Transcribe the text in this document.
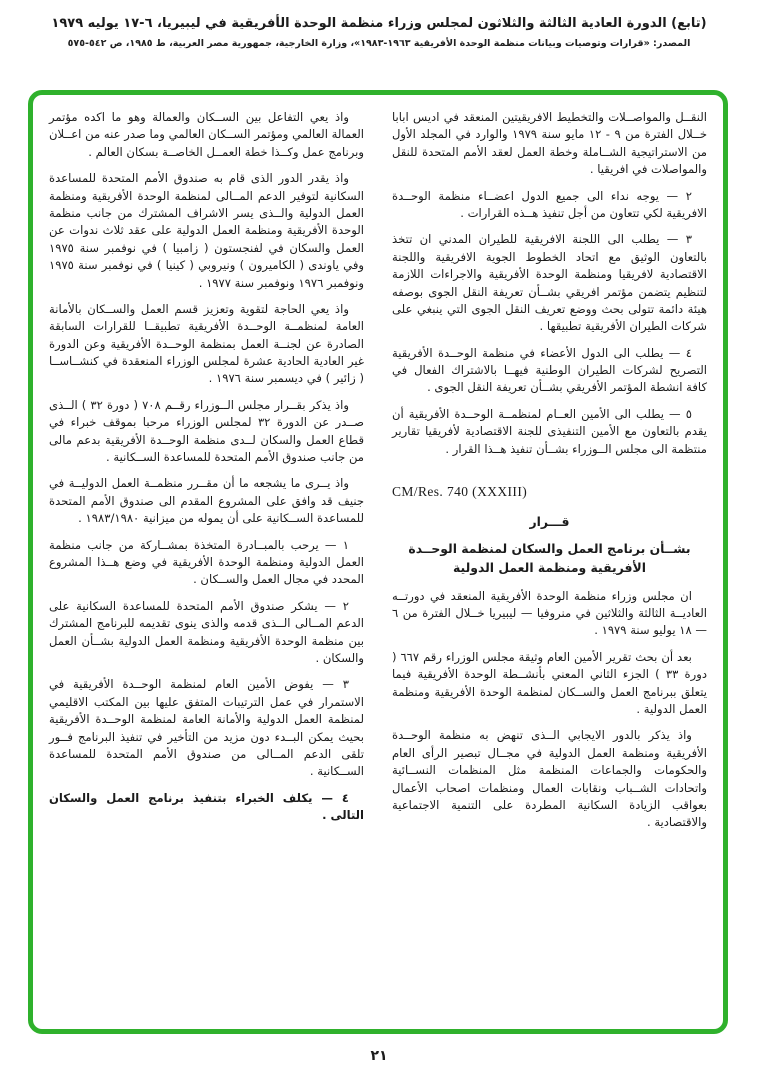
(تابع) الدورة العادية الثالثة والثلاثون لمجلس وزراء منظمة الوحدة الأفريقية في ليبيريا، ٦-١٧ يوليه ١٩٧٩
المصدر: «قرارات وتوصيات وبيانات منظمة الوحدة الأفريقية ١٩٦٣-١٩٨٣»، وزارة الخارجية، جمهورية مصر العربية، ط ١٩٨٥، ص ٥٤٢-٥٧٥

النقــل والمواصــلات والتخطيط الافريقيتين المنعقد في اديس ابابا خــلال الفترة من ٩ - ١٢ مايو سنة ١٩٧٩ والوارد في المجلد الأول من الاستراتيجية الشــاملة وخطة العمل لعقد الأمم المتحدة للنقل والمواصلات في افريقيا .

٢ — يوجه نداء الى جميع الدول اعضــاء منظمة الوحــدة الافريقية لكي تتعاون من أجل تنفيذ هــذه القرارات .

٣ — يطلب الى اللجنة الافريقية للطيران المدني ان تتخذ بالتعاون الوثيق مع اتحاد الخطوط الجوية الافريقية واللجنة الاقتصادية لافريقيا ومنظمة الوحدة الأفريقية والاجراءات اللازمة لتنظيم يتضمن مؤتمر افريقي بشــأن تعريفة النقل الجوى بوصفه هيئة دائمة تتولى بحث ووضع تعريف النقل الجوى التي ينبغي على شركات الطيران الأفريقية تطبيقها .

٤ — يطلب الى الدول الأعضاء في منظمة الوحــدة الأفريقية التصريح لشركات الطيران الوطنية فيهــا بالاشتراك الفعال في كافة انشطة المؤتمر الأفريقي بشــأن تعريفة النقل الجوى .

٥ — يطلب الى الأمين العــام لمنظمــة الوحــدة الأفريقية أن يقدم بالتعاون مع الأمين التنفيذى للجنة الاقتصادية لأفريقيا تقارير منتظمة الى مجلس الــوزراء بشــأن تنفيذ هــذا القرار .

CM/Res. 740 (XXXIII)

قـــرار

بشــأن برنامج العمل والسكان لمنظمة الوحــدة الأفريقية ومنظمة العمل الدولية

ان مجلس وزراء منظمة الوحدة الأفريقية المنعقد في دورتــه العاديــة الثالثة والثلاثين في منروفيا — ليبيريا خــلال الفترة من ٦ — ١٨ يوليو سنة ١٩٧٩ .

بعد أن بحث تقرير الأمين العام وثيقة مجلس الوزراء رقم ٦٦٧ ( دورة ٣٣ ) الجزء الثاني المعني بأنشــطة الوحدة الأفريقية فيما يتعلق ببرنامج العمل والســكان لمنظمة الوحدة الأفريقية ومنظمة العمل الدولية .

واذ يذكر بالدور الايجابي الــذى تنهض به منظمة الوحــدة الأفريقية ومنظمة العمل الدولية في مجــال تبصير الرأى العام والحكومات والجماعات المنظمة مثل المنظمات النســائية واتحادات الشــباب ونقابات العمال ومنظمات اصحاب الأعمال بعواقب الزيادة السكانية المطردة على التنمية الاجتماعية والاقتصادية .

واذ يعي التفاعل بين الســكان والعمالة وهو ما اكده مؤتمر العمالة العالمي ومؤتمر الســكان العالمي وما صدر عنه من اعــلان وبرنامج عمل وكــذا خطة العمــل الخاصــة بسكان العالم .

واذ يقدر الدور الذى قام به صندوق الأمم المتحدة للمساعدة السكانية لتوفير الدعم المــالى لمنظمة الوحدة الأفريقية ومنظمة العمل الدولية والــذى يسر الاشراف المشترك من جانب منظمة الوحدة الأفريقية ومنظمة العمل الدولية على عقد ثلاث ندوات عن العمل والسكان في لفنجستون ( زامبيا ) في نوفمبر سنة ١٩٧٥ وفي ياوندى ( الكاميرون ) ونيروبي ( كينيا ) في نوفمبر سنة ١٩٧٥ ونوفمبر ١٩٧٦ ونوفمبر سنة ١٩٧٧ .

واذ يعي الحاجة لتقوية وتعزيز قسم العمل والســكان بالأمانة العامة لمنظمــة الوحــدة الأفريقية تطبيقــا للقرارات السابقة الصادرة عن لجنــة العمل بمنظمة الوحــدة الأفريقية وعن الدورة غير العادية الحادية عشرة لمجلس الوزراء المنعقدة في كنشــاســا ( زائير ) في ديسمبر سنة ١٩٧٦ .

واذ يذكر بقــرار مجلس الــوزراء رقــم ٧٠٨ ( دورة ٣٢ ) الــذى صــدر عن الدورة ٣٢ لمجلس الوزراء مرحبا بموقف خبراء في قطاع العمل والسكان لــدى منظمة الوحــدة الأفريقية بدعم مالى من جانب صندوق الأمم المتحدة للمساعدة الســكانية .

واذ يــرى ما يشجعه ما أن مقــرر منظمــة العمل الدوليــة في جنيف قد وافق على المشروع المقدم الى صندوق الأمم المتحدة للمساعدة الســكانية على أن يموله من ميزانية ١٩٨٣/١٩٨٠ .

١ — يرحب بالمبــادرة المتخذة بمشــاركة من جانب منظمة العمل الدولية ومنظمة الوحدة الأفريقية في وضع هــذا المشروع المحدد في مجال العمل والســكان .

٢ — يشكر صندوق الأمم المتحدة للمساعدة السكانية على الدعم المــالى الــذى قدمه والذى ينوى تقديمه للبرنامج المشترك بين منظمة الوحدة الأفريقية ومنظمة العمل الدولية بشــأن العمل والسكان .

٣ — يفوض الأمين العام لمنظمة الوحــدة الأفريقية في الاستمرار في عمل الترتيبات المتفق عليها بين المكتب الاقليمي لمنظمة العمل الدولية والأمانة العامة لمنظمة الوحــدة الأفريقية بحيث يمكن البــدء دون مزيد من التأخير في تنفيذ البرنامج فــور تلقى الدعم المــالى من صندوق الأمم المتحدة للمساعدة الســكانية .

٤ — يكلف الخبراء بتنفيذ برنامج العمل والسكان التالى .

٢١
